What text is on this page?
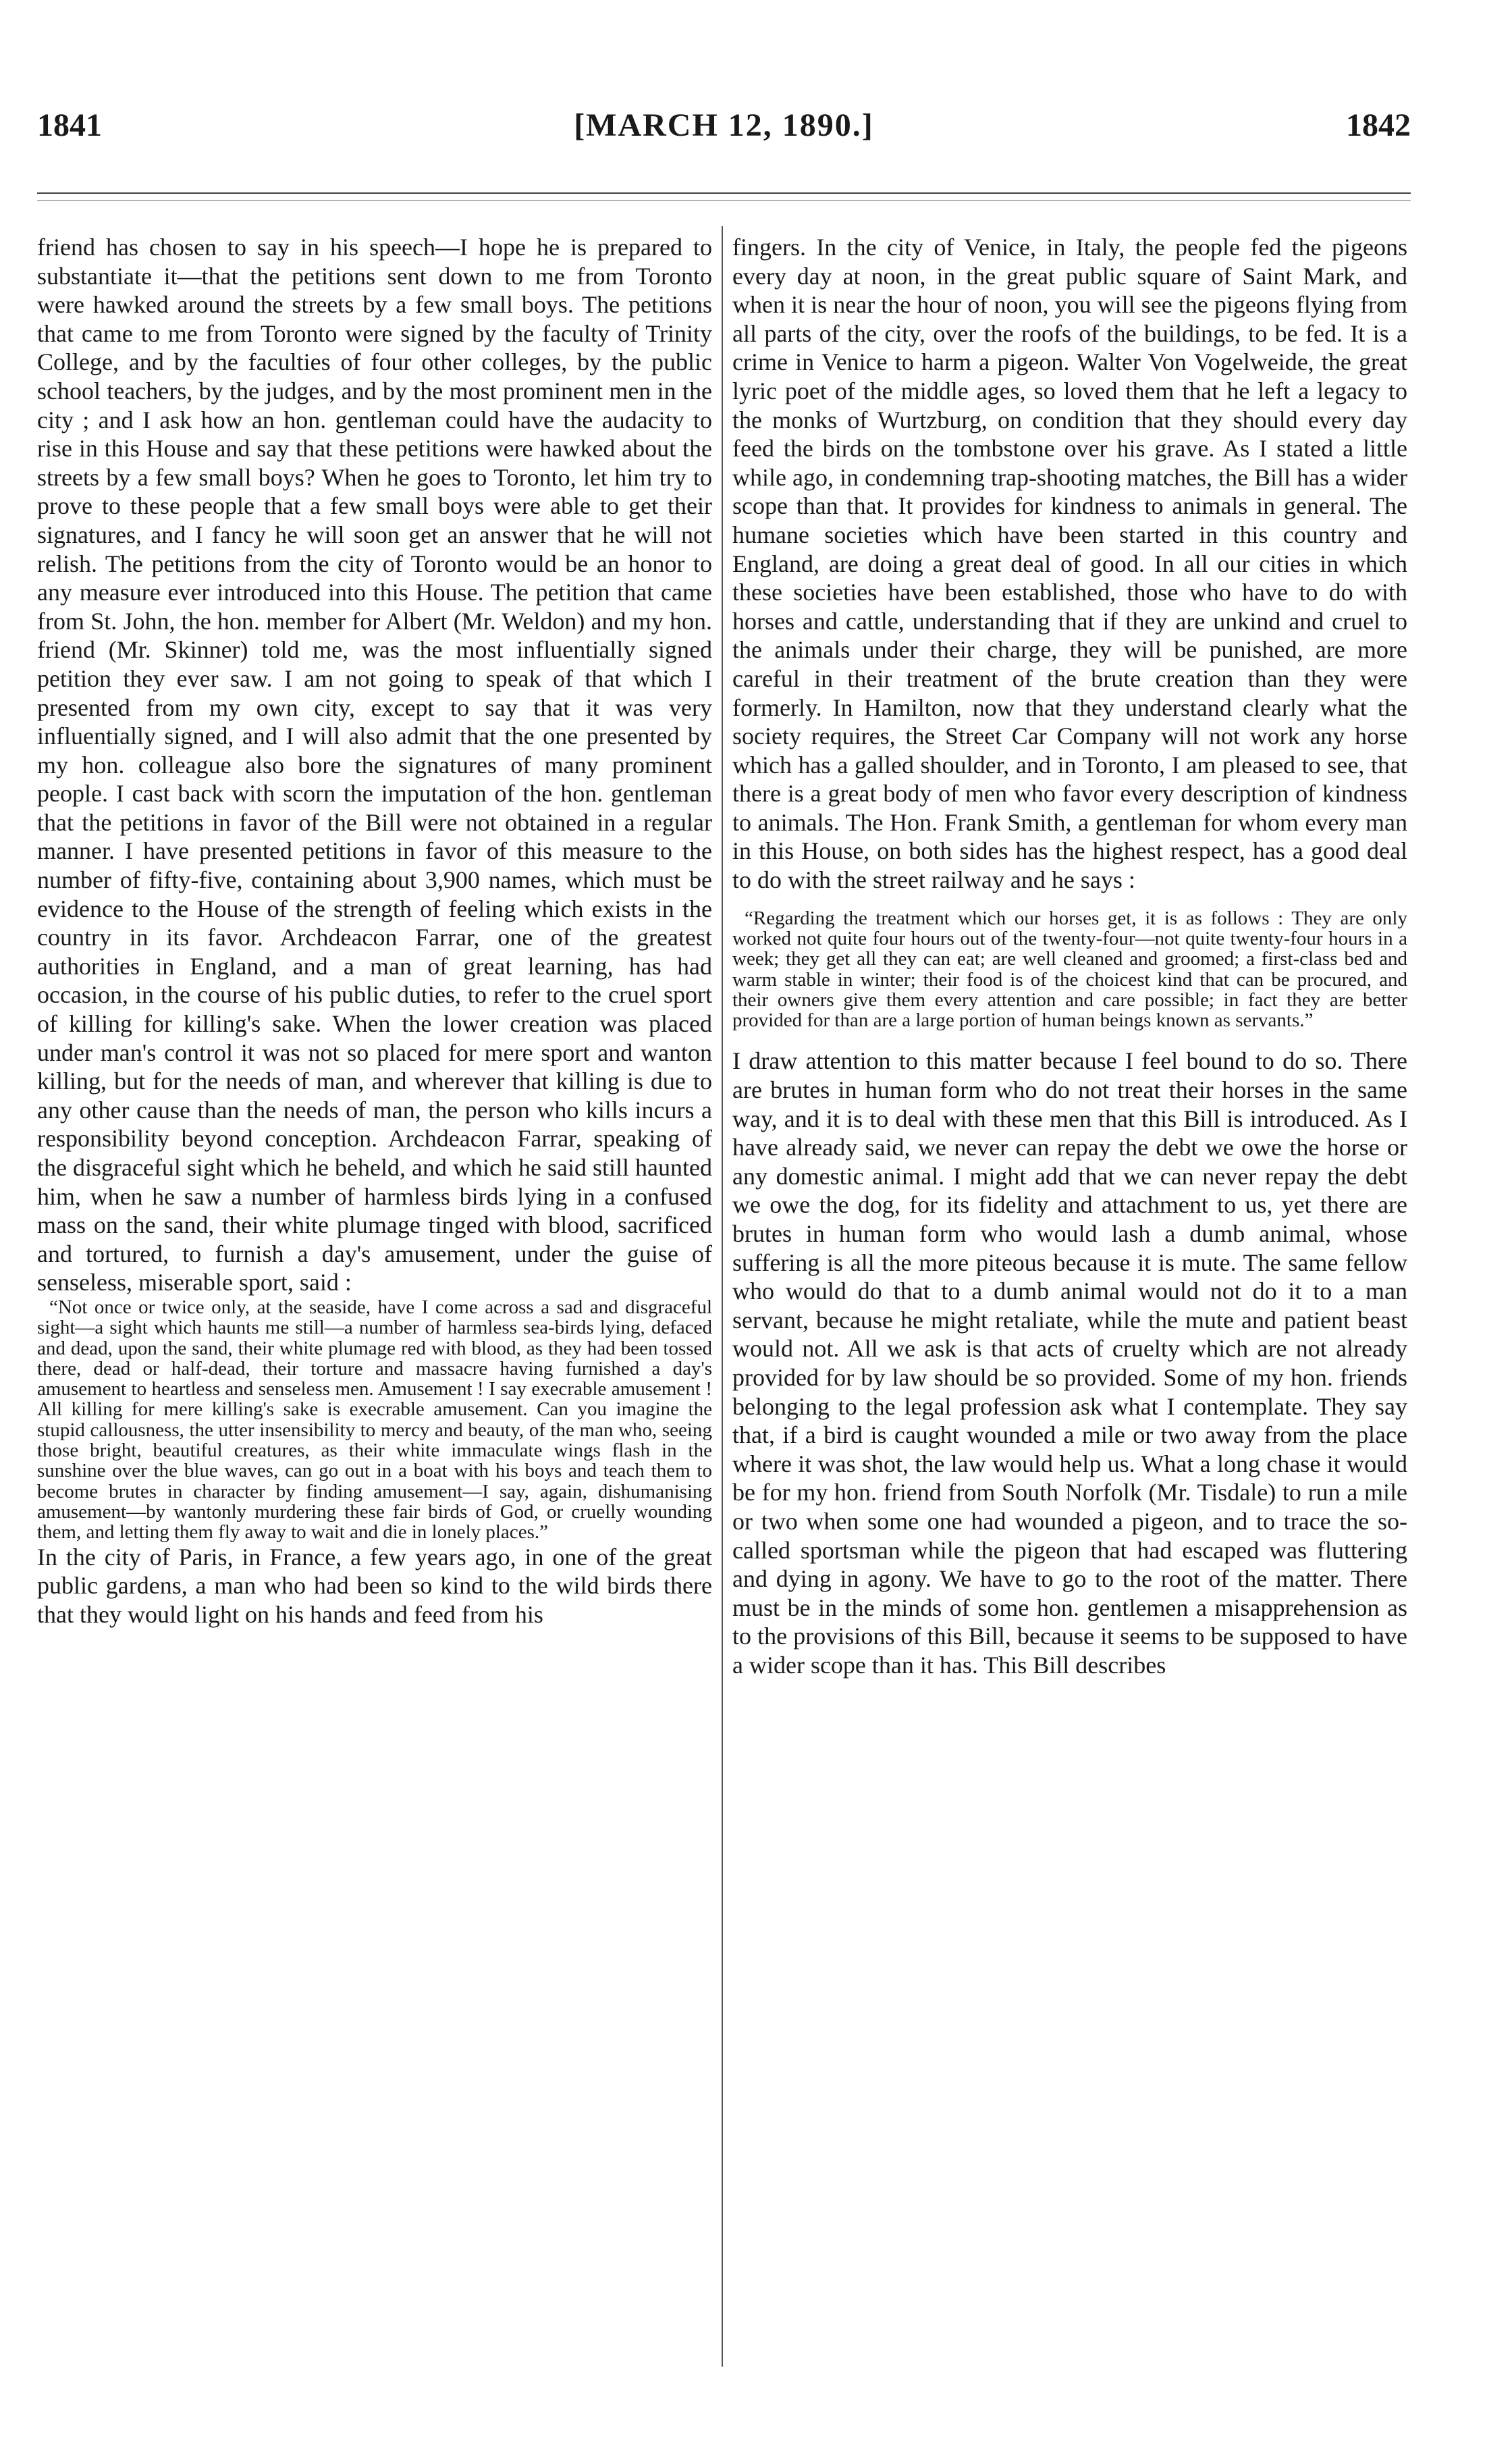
1841	[MARCH 12, 1890.]	1842

friend has chosen to say in his speech—I hope he is prepared to substantiate it—that the petitions sent down to me from Toronto were hawked around the streets by a few small boys. The petitions that came to me from Toronto were signed by the faculty of Trinity College, and by the faculties of four other colleges, by the public school teachers, by the judges, and by the most prominent men in the city ; and I ask how an hon. gentleman could have the audacity to rise in this House and say that these petitions were hawked about the streets by a few small boys? When he goes to Toronto, let him try to prove to these people that a few small boys were able to get their signatures, and I fancy he will soon get an answer that he will not relish. The petitions from the city of Toronto would be an honor to any measure ever introduced into this House. The petition that came from St. John, the hon. member for Albert (Mr. Weldon) and my hon. friend (Mr. Skinner) told me, was the most influentially signed petition they ever saw. I am not going to speak of that which I presented from my own city, except to say that it was very influentially signed, and I will also admit that the one presented by my hon. colleague also bore the signatures of many prominent people. I cast back with scorn the imputation of the hon. gentleman that the petitions in favor of the Bill were not obtained in a regular manner. I have presented petitions in favor of this measure to the number of fifty-five, containing about 3,900 names, which must be evidence to the House of the strength of feeling which exists in the country in its favor. Archdeacon Farrar, one of the greatest authorities in England, and a man of great learning, has had occasion, in the course of his public duties, to refer to the cruel sport of killing for killing's sake. When the lower creation was placed under man's control it was not so placed for mere sport and wanton killing, but for the needs of man, and wherever that killing is due to any other cause than the needs of man, the person who kills incurs a responsibility beyond conception. Archdeacon Farrar, speaking of the disgraceful sight which he beheld, and which he said still haunted him, when he saw a number of harmless birds lying in a confused mass on the sand, their white plumage tinged with blood, sacrificed and tortured, to furnish a day's amusement, under the guise of senseless, miserable sport, said :

“Not once or twice only, at the seaside, have I come across a sad and disgraceful sight—a sight which haunts me still—a number of harmless sea-birds lying, defaced and dead, upon the sand, their white plumage red with blood, as they had been tossed there, dead or half-dead, their torture and massacre having furnished a day's amusement to heartless and senseless men. Amusement ! I say execrable amusement ! All killing for mere killing's sake is execrable amusement. Can you imagine the stupid callousness, the utter insensibility to mercy and beauty, of the man who, seeing those bright, beautiful creatures, as their white immaculate wings flash in the sunshine over the blue waves, can go out in a boat with his boys and teach them to become brutes in character by finding amusement—I say, again, dishumanising amusement—by wantonly murdering these fair birds of God, or cruelly wounding them, and letting them fly away to wait and die in lonely places.”

In the city of Paris, in France, a few years ago, in one of the great public gardens, a man who had been so kind to the wild birds there that they would light on his hands and feed from his

fingers. In the city of Venice, in Italy, the people fed the pigeons every day at noon, in the great public square of Saint Mark, and when it is near the hour of noon, you will see the pigeons flying from all parts of the city, over the roofs of the buildings, to be fed. It is a crime in Venice to harm a pigeon. Walter Von Vogelweide, the great lyric poet of the middle ages, so loved them that he left a legacy to the monks of Wurtzburg, on condition that they should every day feed the birds on the tombstone over his grave. As I stated a little while ago, in condemning trap-shooting matches, the Bill has a wider scope than that. It provides for kindness to animals in general. The humane societies which have been started in this country and England, are doing a great deal of good. In all our cities in which these societies have been established, those who have to do with horses and cattle, understanding that if they are unkind and cruel to the animals under their charge, they will be punished, are more careful in their treatment of the brute creation than they were formerly. In Hamilton, now that they understand clearly what the society requires, the Street Car Company will not work any horse which has a galled shoulder, and in Toronto, I am pleased to see, that there is a great body of men who favor every description of kindness to animals. The Hon. Frank Smith, a gentleman for whom every man in this House, on both sides has the highest respect, has a good deal to do with the street railway and he says :

“Regarding the treatment which our horses get, it is as follows : They are only worked not quite four hours out of the twenty-four—not quite twenty-four hours in a week; they get all they can eat; are well cleaned and groomed; a first-class bed and warm stable in winter; their food is of the choicest kind that can be procured, and their owners give them every attention and care possible; in fact they are better provided for than are a large portion of human beings known as servants.”

I draw attention to this matter because I feel bound to do so. There are brutes in human form who do not treat their horses in the same way, and it is to deal with these men that this Bill is introduced. As I have already said, we never can repay the debt we owe the horse or any domestic animal. I might add that we can never repay the debt we owe the dog, for its fidelity and attachment to us, yet there are brutes in human form who would lash a dumb animal, whose suffering is all the more piteous because it is mute. The same fellow who would do that to a dumb animal would not do it to a man servant, because he might retaliate, while the mute and patient beast would not. All we ask is that acts of cruelty which are not already provided for by law should be so provided. Some of my hon. friends belonging to the legal profession ask what I contemplate. They say that, if a bird is caught wounded a mile or two away from the place where it was shot, the law would help us. What a long chase it would be for my hon. friend from South Norfolk (Mr. Tisdale) to run a mile or two when some one had wounded a pigeon, and to trace the so-called sportsman while the pigeon that had escaped was fluttering and dying in agony. We have to go to the root of the matter. There must be in the minds of some hon. gentlemen a misapprehension as to the provisions of this Bill, because it seems to be supposed to have a wider scope than it has. This Bill describes
